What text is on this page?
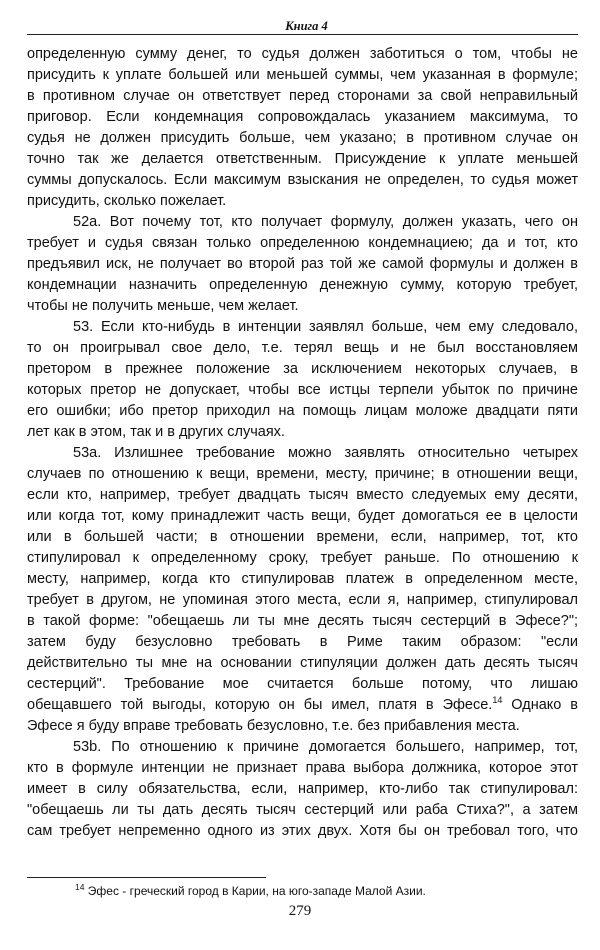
Книга 4
определенную сумму денег, то судья должен заботиться о том, чтобы не
присудить к уплате большей или меньшей суммы, чем указанная в формуле;
в противном случае он ответствует перед сторонами за свой неправильный
приговор. Если кондемнация сопровождалась указанием максимума, то
судья не должен присудить больше, чем указано; в противном случае он
точно так же делается ответственным. Присуждение к уплате меньшей
суммы допускалось. Если максимум взыскания не определен, то судья может
присудить, сколько пожелает.
52a. Вот почему тот, кто получает формулу, должен указать, чего он
требует и судья связан только определенною кондемнациею; да и тот, кто
предъявил иск, не получает во второй раз той же самой формулы и должен в
кондемнации назначить определенную денежную сумму, которую требует,
чтобы не получить меньше, чем желает.
53. Если кто-нибудь в интенции заявлял больше, чем ему следовало,
то он проигрывал свое дело, т.е. терял вещь и не был восстановляем
претором в прежнее положение за исключением некоторых случаев, в
которых претор не допускает, чтобы все истцы терпели убыток по причине
его ошибки; ибо претор приходил на помощь лицам моложе двадцати пяти
лет как в этом, так и в других случаях.
53a. Излишнее требование можно заявлять относительно четырех
случаев по отношению к вещи, времени, месту, причине; в отношении вещи,
если кто, например, требует двадцать тысяч вместо следуемых ему десяти,
или когда тот, кому принадлежит часть вещи, будет домогаться ее в целости
или в большей части; в отношении времени, если, например, тот, кто
стипулировал к определенному сроку, требует раньше. По отношению к
месту, например, когда кто стипулировав платеж в определенном месте,
требует в другом, не упоминая этого места, если я, например, стипулировал
в такой форме: "обещаешь ли ты мне десять тысяч сестерций в Эфесе?";
затем буду безусловно требовать в Риме таким образом: "если
действительно ты мне на основании стипуляции должен дать десять тысяч
сестерций". Требование мое считается больше потому, что лишаю
обещавшего той выгоды, которую он бы имел, платя в Эфесе.$^{14}$ Однако в
Эфесе я буду вправе требовать безусловно, т.е. без прибавления места.
53b. По отношению к причине домогается большего, например, тот,
кто в формуле интенции не признает права выбора должника, которое этот
имеет в силу обязательства, если, например, кто-либо так стипулировал:
"обещаешь ли ты дать десять тысяч сестерций или раба Стиха?", а затем
сам требует непременно одного из этих двух. Хотя бы он требовал того, что
$^{14}$ Эфес - греческий город в Карии, на юго-западе Малой Азии.
279
